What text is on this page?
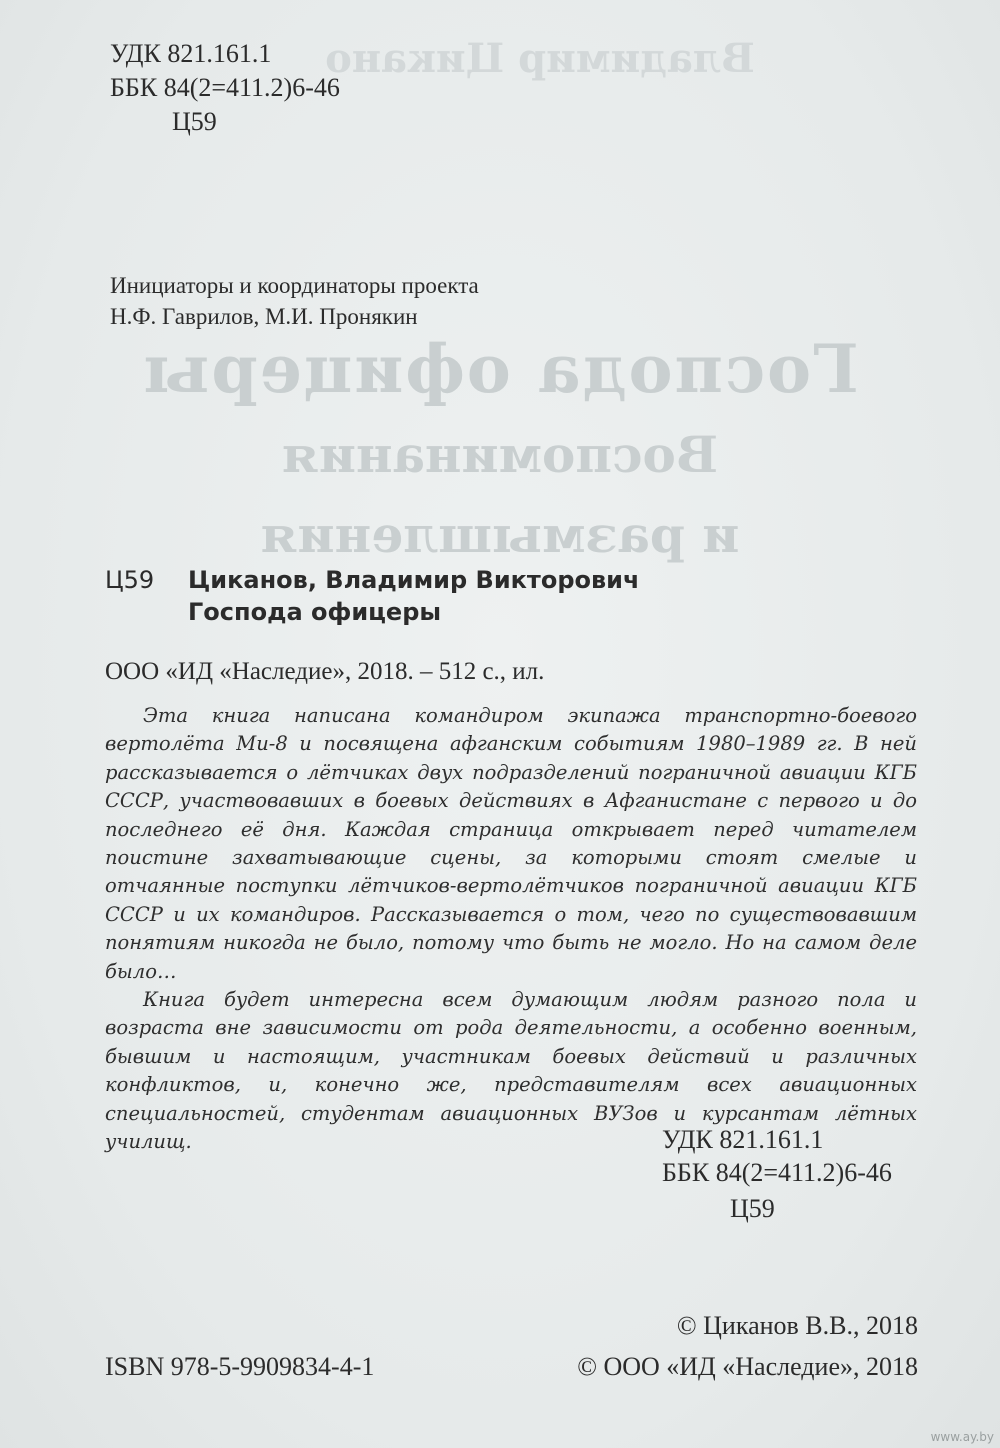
Владимир Цикано
Господа офицеры
Воспоминания
и размышления
УДК 821.161.1
ББК 84(2=411.2)6-46
Ц59
Инициаторы и координаторы проекта
Н.Ф. Гаврилов, М.И. Пронякин
Ц59 Циканов, Владимир Викторович
Господа офицеры
ООО «ИД «Наследие», 2018. – 512 с., ил.

Эта книга написана командиром экипажа транспортно-боевого вертолёта Ми-8 и посвящена афганским событиям 1980–1989 гг. В ней рассказывается о лётчиках двух подразделений пограничной авиации КГБ СССР, участвовавших в боевых действиях в Афганистане с первого и до последнего её дня. Каждая страница открывает перед читателем поистине захватывающие сцены, за которыми стоят смелые и отчаянные поступки лётчиков-вертолётчиков пограничной авиации КГБ СССР и их командиров. Рассказывается о том, чего по существовавшим понятиям никогда не было, потому что быть не могло. Но на самом деле было…

Книга будет интересна всем думающим людям разного пола и возраста вне зависимости от рода деятельности, а особенно военным, бывшим и настоящим, участникам боевых действий и различных конфликтов, и, конечно же, представителям всех авиационных специальностей, студентам авиационных ВУЗов и курсантам лётных училищ.	УДК 821.161.1
ББК 84(2=411.2)6-46
Ц59
© Циканов В.В., 2018
ISBN 978-5-9909834-4-1	© ООО «ИД «Наследие», 2018
www.ay.by
